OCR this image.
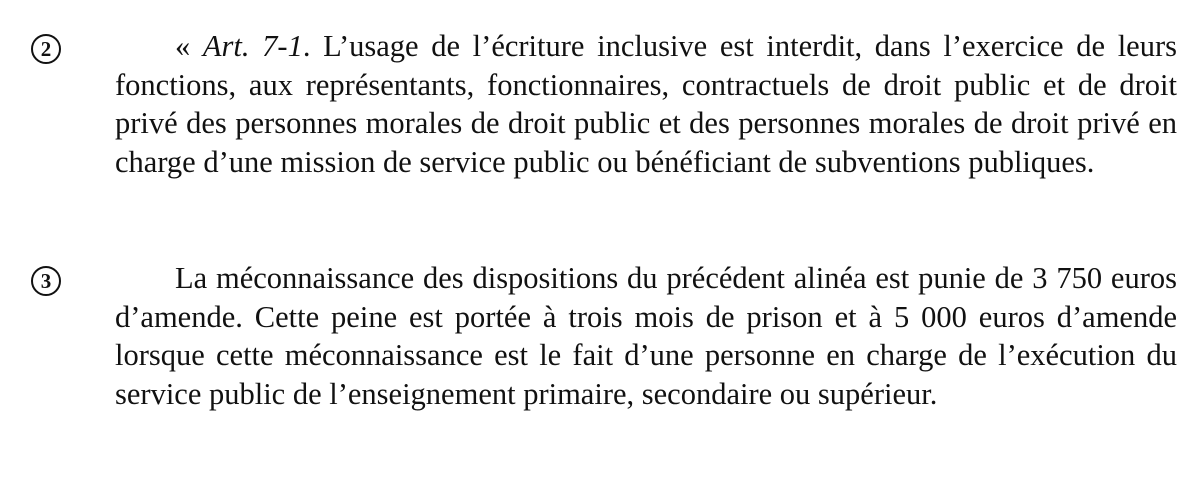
2	« Art. 7-1. L’usage de l’écriture inclusive est interdit, dans l’exercice de leurs fonctions, aux représentants, fonctionnaires, contractuels de droit public et de droit privé des personnes morales de droit public et des personnes morales de droit privé en charge d’une mission de service public ou bénéficiant de subventions publiques.

3	La méconnaissance des dispositions du précédent alinéa est punie de 3 750 euros d’amende. Cette peine est portée à trois mois de prison et à 5 000 euros d’amende lorsque cette méconnaissance est le fait d’une personne en charge de l’exécution du service public de l’enseignement primaire, secondaire ou supérieur.
